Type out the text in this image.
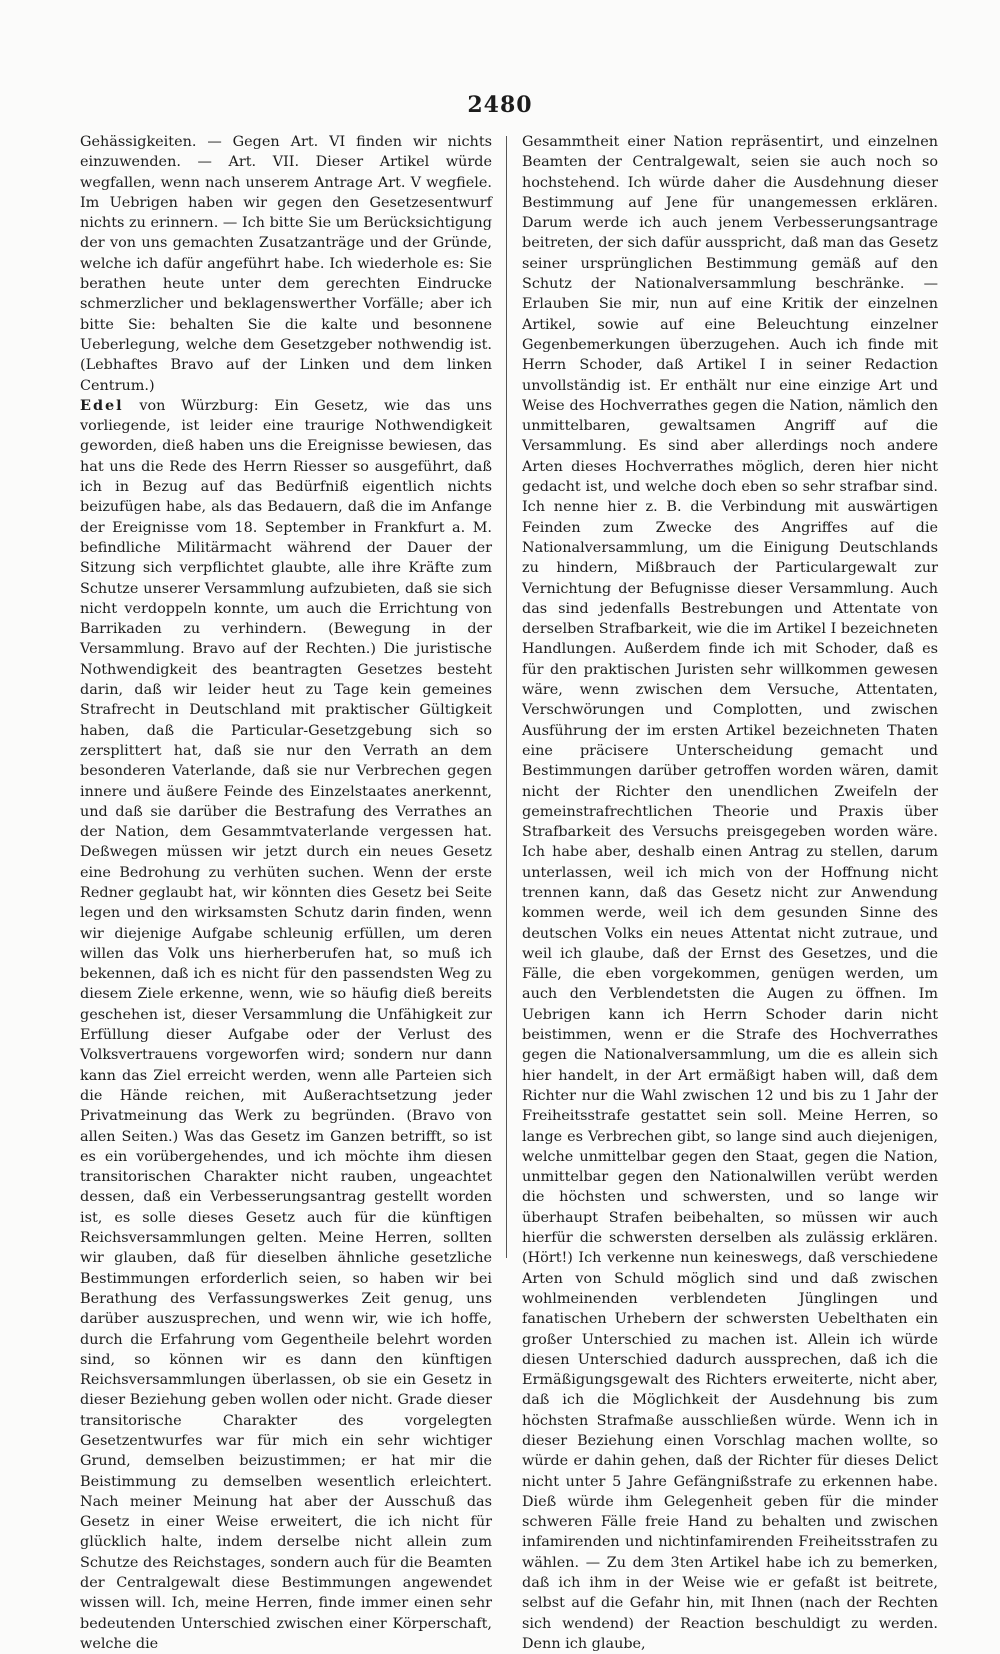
2480

Gehässigkeiten. — Gegen Art. VI finden wir nichts einzuwenden. — Art. VII. Dieser Artikel würde wegfallen, wenn nach unserem Antrage Art. V wegfiele. Im Uebrigen haben wir gegen den Gesetzesentwurf nichts zu erinnern. — Ich bitte Sie um Berücksichtigung der von uns gemachten Zusatzanträge und der Gründe, welche ich dafür angeführt habe. Ich wiederhole es: Sie berathen heute unter dem gerechten Eindrucke schmerzlicher und beklagenswerther Vorfälle; aber ich bitte Sie: behalten Sie die kalte und besonnene Ueberlegung, welche dem Gesetzgeber nothwendig ist. (Lebhaftes Bravo auf der Linken und dem linken Centrum.)

Edel von Würzburg: Ein Gesetz, wie das uns vorliegende, ist leider eine traurige Nothwendigkeit geworden, dieß haben uns die Ereignisse bewiesen, das hat uns die Rede des Herrn Riesser so ausgeführt, daß ich in Bezug auf das Bedürfniß eigentlich nichts beizufügen habe, als das Bedauern, daß die im Anfange der Ereignisse vom 18. September in Frankfurt a. M. befindliche Militärmacht während der Dauer der Sitzung sich verpflichtet glaubte, alle ihre Kräfte zum Schutze unserer Versammlung aufzubieten, daß sie sich nicht verdoppeln konnte, um auch die Errichtung von Barrikaden zu verhindern. (Bewegung in der Versammlung. Bravo auf der Rechten.) Die juristische Nothwendigkeit des beantragten Gesetzes besteht darin, daß wir leider heut zu Tage kein gemeines Strafrecht in Deutschland mit praktischer Gültigkeit haben, daß die Particular-Gesetzgebung sich so zersplittert hat, daß sie nur den Verrath an dem besonderen Vaterlande, daß sie nur Verbrechen gegen innere und äußere Feinde des Einzelstaates anerkennt, und daß sie darüber die Bestrafung des Verrathes an der Nation, dem Gesammtvaterlande vergessen hat. Deßwegen müssen wir jetzt durch ein neues Gesetz eine Bedrohung zu verhüten suchen. Wenn der erste Redner geglaubt hat, wir könnten dies Gesetz bei Seite legen und den wirksamsten Schutz darin finden, wenn wir diejenige Aufgabe schleunig erfüllen, um deren willen das Volk uns hierherberufen hat, so muß ich bekennen, daß ich es nicht für den passendsten Weg zu diesem Ziele erkenne, wenn, wie so häufig dieß bereits geschehen ist, dieser Versammlung die Unfähigkeit zur Erfüllung dieser Aufgabe oder der Verlust des Volksvertrauens vorgeworfen wird; sondern nur dann kann das Ziel erreicht werden, wenn alle Parteien sich die Hände reichen, mit Außerachtsetzung jeder Privatmeinung das Werk zu begründen. (Bravo von allen Seiten.) Was das Gesetz im Ganzen betrifft, so ist es ein vorübergehendes, und ich möchte ihm diesen transitorischen Charakter nicht rauben, ungeachtet dessen, daß ein Verbesserungsantrag gestellt worden ist, es solle dieses Gesetz auch für die künftigen Reichsversammlungen gelten. Meine Herren, sollten wir glauben, daß für dieselben ähnliche gesetzliche Bestimmungen erforderlich seien, so haben wir bei Berathung des Verfassungswerkes Zeit genug, uns darüber auszusprechen, und wenn wir, wie ich hoffe, durch die Erfahrung vom Gegentheile belehrt worden sind, so können wir es dann den künftigen Reichsversammlungen überlassen, ob sie ein Gesetz in dieser Beziehung geben wollen oder nicht. Grade dieser transitorische Charakter des vorgelegten Gesetzentwurfes war für mich ein sehr wichtiger Grund, demselben beizustimmen; er hat mir die Beistimmung zu demselben wesentlich erleichtert. Nach meiner Meinung hat aber der Ausschuß das Gesetz in einer Weise erweitert, die ich nicht für glücklich halte, indem derselbe nicht allein zum Schutze des Reichstages, sondern auch für die Beamten der Centralgewalt diese Bestimmungen angewendet wissen will. Ich, meine Herren, finde immer einen sehr bedeutenden Unterschied zwischen einer Körperschaft, welche die

Gesammtheit einer Nation repräsentirt, und einzelnen Beamten der Centralgewalt, seien sie auch noch so hochstehend. Ich würde daher die Ausdehnung dieser Bestimmung auf Jene für unangemessen erklären. Darum werde ich auch jenem Verbesserungsantrage beitreten, der sich dafür ausspricht, daß man das Gesetz seiner ursprünglichen Bestimmung gemäß auf den Schutz der Nationalversammlung beschränke. — Erlauben Sie mir, nun auf eine Kritik der einzelnen Artikel, sowie auf eine Beleuchtung einzelner Gegenbemerkungen überzugehen. Auch ich finde mit Herrn Schoder, daß Artikel I in seiner Redaction unvollständig ist. Er enthält nur eine einzige Art und Weise des Hochverrathes gegen die Nation, nämlich den unmittelbaren, gewaltsamen Angriff auf die Versammlung. Es sind aber allerdings noch andere Arten dieses Hochverrathes möglich, deren hier nicht gedacht ist, und welche doch eben so sehr strafbar sind. Ich nenne hier z. B. die Verbindung mit auswärtigen Feinden zum Zwecke des Angriffes auf die Nationalversammlung, um die Einigung Deutschlands zu hindern, Mißbrauch der Particulargewalt zur Vernichtung der Befugnisse dieser Versammlung. Auch das sind jedenfalls Bestrebungen und Attentate von derselben Strafbarkeit, wie die im Artikel I bezeichneten Handlungen. Außerdem finde ich mit Schoder, daß es für den praktischen Juristen sehr willkommen gewesen wäre, wenn zwischen dem Versuche, Attentaten, Verschwörungen und Complotten, und zwischen Ausführung der im ersten Artikel bezeichneten Thaten eine präcisere Unterscheidung gemacht und Bestimmungen darüber getroffen worden wären, damit nicht der Richter den unendlichen Zweifeln der gemeinstrafrechtlichen Theorie und Praxis über Strafbarkeit des Versuchs preisgegeben worden wäre. Ich habe aber, deshalb einen Antrag zu stellen, darum unterlassen, weil ich mich von der Hoffnung nicht trennen kann, daß das Gesetz nicht zur Anwendung kommen werde, weil ich dem gesunden Sinne des deutschen Volks ein neues Attentat nicht zutraue, und weil ich glaube, daß der Ernst des Gesetzes, und die Fälle, die eben vorgekommen, genügen werden, um auch den Verblendetsten die Augen zu öffnen. Im Uebrigen kann ich Herrn Schoder darin nicht beistimmen, wenn er die Strafe des Hochverrathes gegen die Nationalversammlung, um die es allein sich hier handelt, in der Art ermäßigt haben will, daß dem Richter nur die Wahl zwischen 12 und bis zu 1 Jahr der Freiheitsstrafe gestattet sein soll. Meine Herren, so lange es Verbrechen gibt, so lange sind auch diejenigen, welche unmittelbar gegen den Staat, gegen die Nation, unmittelbar gegen den Nationalwillen verübt werden die höchsten und schwersten, und so lange wir überhaupt Strafen beibehalten, so müssen wir auch hierfür die schwersten derselben als zulässig erklären. (Hört!) Ich verkenne nun keineswegs, daß verschiedene Arten von Schuld möglich sind und daß zwischen wohlmeinenden verblendeten Jünglingen und fanatischen Urhebern der schwersten Uebelthaten ein großer Unterschied zu machen ist. Allein ich würde diesen Unterschied dadurch aussprechen, daß ich die Ermäßigungsgewalt des Richters erweiterte, nicht aber, daß ich die Möglichkeit der Ausdehnung bis zum höchsten Strafmaße ausschließen würde. Wenn ich in dieser Beziehung einen Vorschlag machen wollte, so würde er dahin gehen, daß der Richter für dieses Delict nicht unter 5 Jahre Gefängnißstrafe zu erkennen habe. Dieß würde ihm Gelegenheit geben für die minder schweren Fälle freie Hand zu behalten und zwischen infamirenden und nichtinfamirenden Freiheitsstrafen zu wählen. — Zu dem 3ten Artikel habe ich zu bemerken, daß ich ihm in der Weise wie er gefaßt ist beitrete, selbst auf die Gefahr hin, mit Ihnen (nach der Rechten sich wendend) der Reaction beschuldigt zu werden. Denn ich glaube,
